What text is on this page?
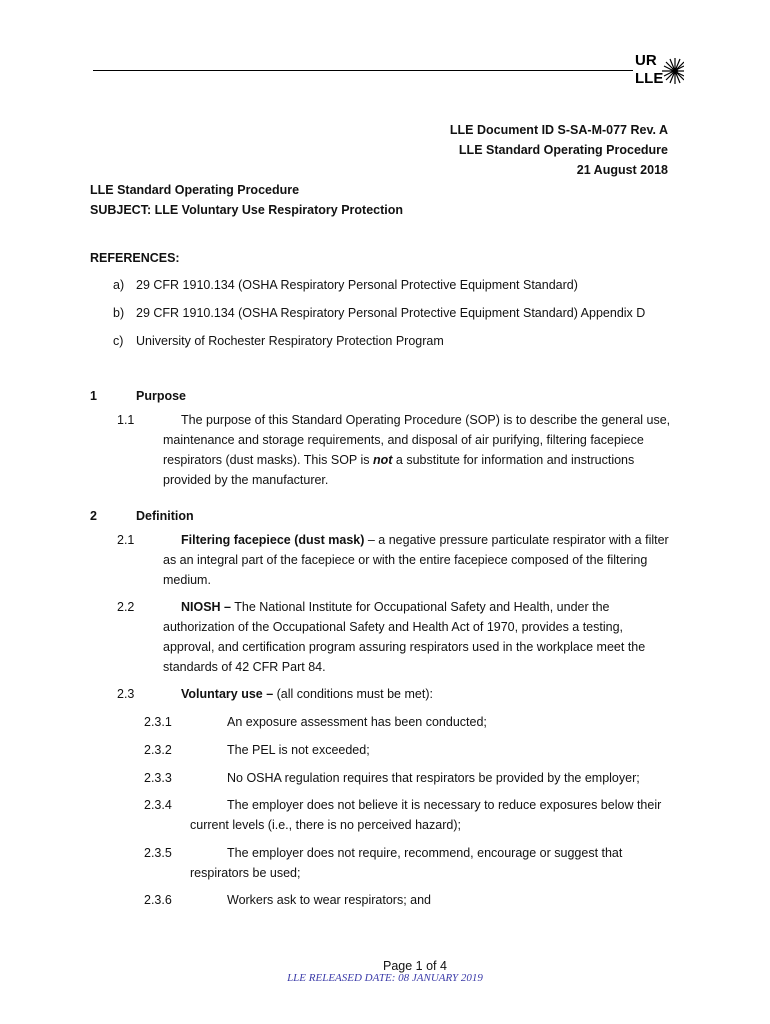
UR
LLE
LLE Document ID S-SA-M-077 Rev. A
LLE Standard Operating Procedure
21 August 2018
LLE Standard Operating Procedure
SUBJECT: LLE Voluntary Use Respiratory Protection
REFERENCES:
a) 29 CFR 1910.134 (OSHA Respiratory Personal Protective Equipment Standard)
b) 29 CFR 1910.134 (OSHA Respiratory Personal Protective Equipment Standard) Appendix D
c) University of Rochester Respiratory Protection Program
1	Purpose
1.1	The purpose of this Standard Operating Procedure (SOP) is to describe the general use,
maintenance and storage requirements, and disposal of air purifying, filtering facepiece
respirators (dust masks). This SOP is not a substitute for information and instructions
provided by the manufacturer.
2	Definition
2.1	Filtering facepiece (dust mask) – a negative pressure particulate respirator with a filter
as an integral part of the facepiece or with the entire facepiece composed of the filtering
medium.
2.2	NIOSH – The National Institute for Occupational Safety and Health, under the
authorization of the Occupational Safety and Health Act of 1970, provides a testing,
approval, and certification program assuring respirators used in the workplace meet the
standards of 42 CFR Part 84.
2.3	Voluntary use – (all conditions must be met):
2.3.1	An exposure assessment has been conducted;
2.3.2	The PEL is not exceeded;
2.3.3	No OSHA regulation requires that respirators be provided by the employer;
2.3.4	The employer does not believe it is necessary to reduce exposures below their
current levels (i.e., there is no perceived hazard);
2.3.5	The employer does not require, recommend, encourage or suggest that
respirators be used;
2.3.6	Workers ask to wear respirators; and
Page 1 of 4
LLE RELEASED DATE: 08 JANUARY 2019
